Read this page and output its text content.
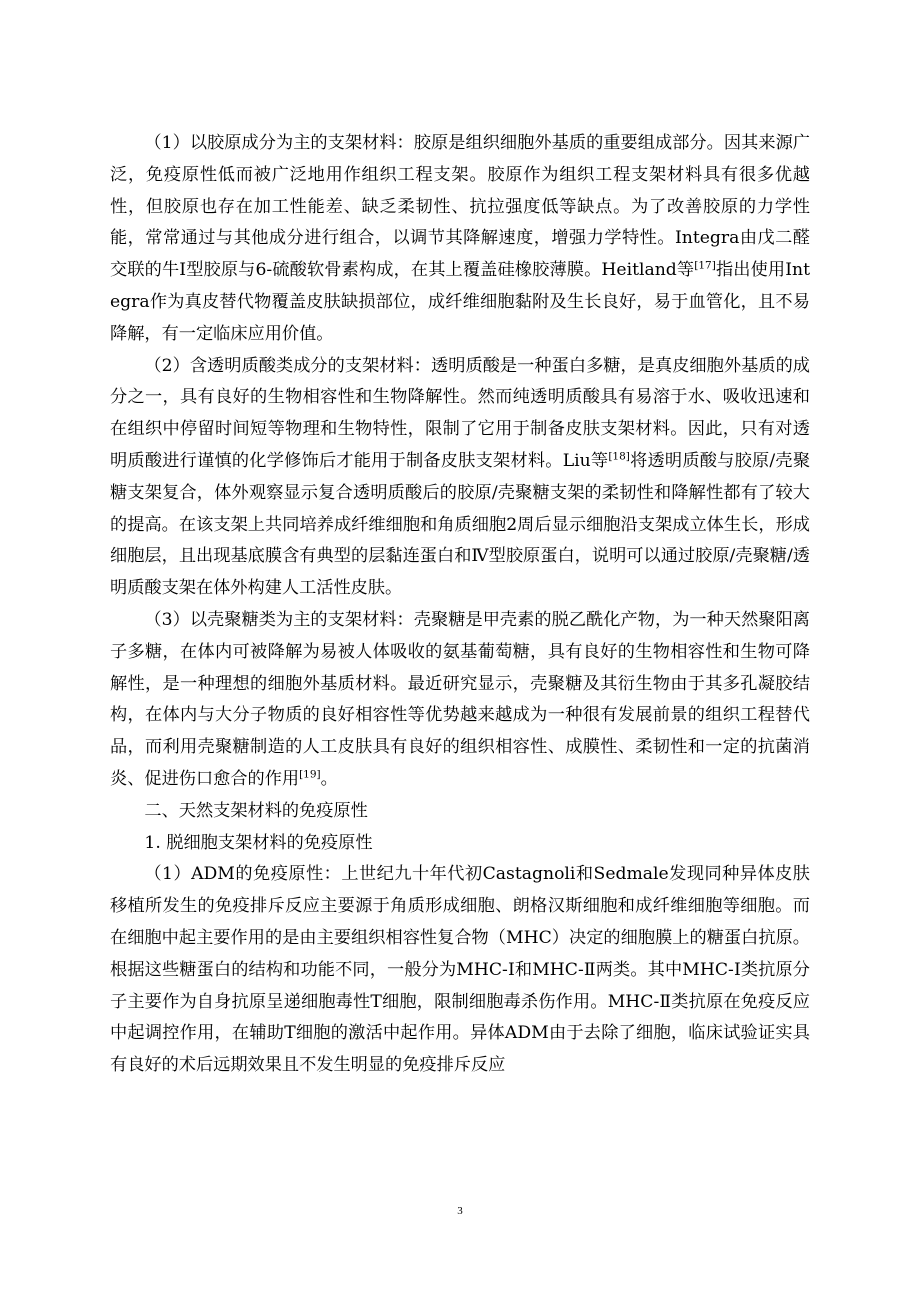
（1）以胶原成分为主的支架材料：胶原是组织细胞外基质的重要组成部分。因其来源广泛，免疫原性低而被广泛地用作组织工程支架。胶原作为组织工程支架材料具有很多优越性，但胶原也存在加工性能差、缺乏柔韧性、抗拉强度低等缺点。为了改善胶原的力学性能，常常通过与其他成分进行组合，以调节其降解速度，增强力学特性。Integra由戊二醛交联的牛Ⅰ型胶原与6-硫酸软骨素构成，在其上覆盖硅橡胶薄膜。Heitland等[17]指出使用Integra作为真皮替代物覆盖皮肤缺损部位，成纤维细胞黏附及生长良好，易于血管化，且不易降解，有一定临床应用价值。

（2）含透明质酸类成分的支架材料：透明质酸是一种蛋白多糖，是真皮细胞外基质的成分之一，具有良好的生物相容性和生物降解性。然而纯透明质酸具有易溶于水、吸收迅速和在组织中停留时间短等物理和生物特性，限制了它用于制备皮肤支架材料。因此，只有对透明质酸进行谨慎的化学修饰后才能用于制备皮肤支架材料。Liu等[18]将透明质酸与胶原/壳聚糖支架复合，体外观察显示复合透明质酸后的胶原/壳聚糖支架的柔韧性和降解性都有了较大的提高。在该支架上共同培养成纤维细胞和角质细胞2周后显示细胞沿支架成立体生长，形成细胞层，且出现基底膜含有典型的层黏连蛋白和Ⅳ型胶原蛋白，说明可以通过胶原/壳聚糖/透明质酸支架在体外构建人工活性皮肤。

（3）以壳聚糖类为主的支架材料：壳聚糖是甲壳素的脱乙酰化产物，为一种天然聚阳离子多糖，在体内可被降解为易被人体吸收的氨基葡萄糖，具有良好的生物相容性和生物可降解性，是一种理想的细胞外基质材料。最近研究显示，壳聚糖及其衍生物由于其多孔凝胶结构，在体内与大分子物质的良好相容性等优势越来越成为一种很有发展前景的组织工程替代品，而利用壳聚糖制造的人工皮肤具有良好的组织相容性、成膜性、柔韧性和一定的抗菌消炎、促进伤口愈合的作用[19]。

二、天然支架材料的免疫原性

1. 脱细胞支架材料的免疫原性

（1）ADM的免疫原性：上世纪九十年代初Castagnoli和Sedmale发现同种异体皮肤移植所发生的免疫排斥反应主要源于角质形成细胞、朗格汉斯细胞和成纤维细胞等细胞。而在细胞中起主要作用的是由主要组织相容性复合物（MHC）决定的细胞膜上的糖蛋白抗原。根据这些糖蛋白的结构和功能不同，一般分为MHC-Ⅰ和MHC-Ⅱ两类。其中MHC-Ⅰ类抗原分子主要作为自身抗原呈递细胞毒性T细胞，限制细胞毒杀伤作用。MHC-Ⅱ类抗原在免疫反应中起调控作用，在辅助T细胞的激活中起作用。异体ADM由于去除了细胞，临床试验证实具有良好的术后远期效果且不发生明显的免疫排斥反应

3
